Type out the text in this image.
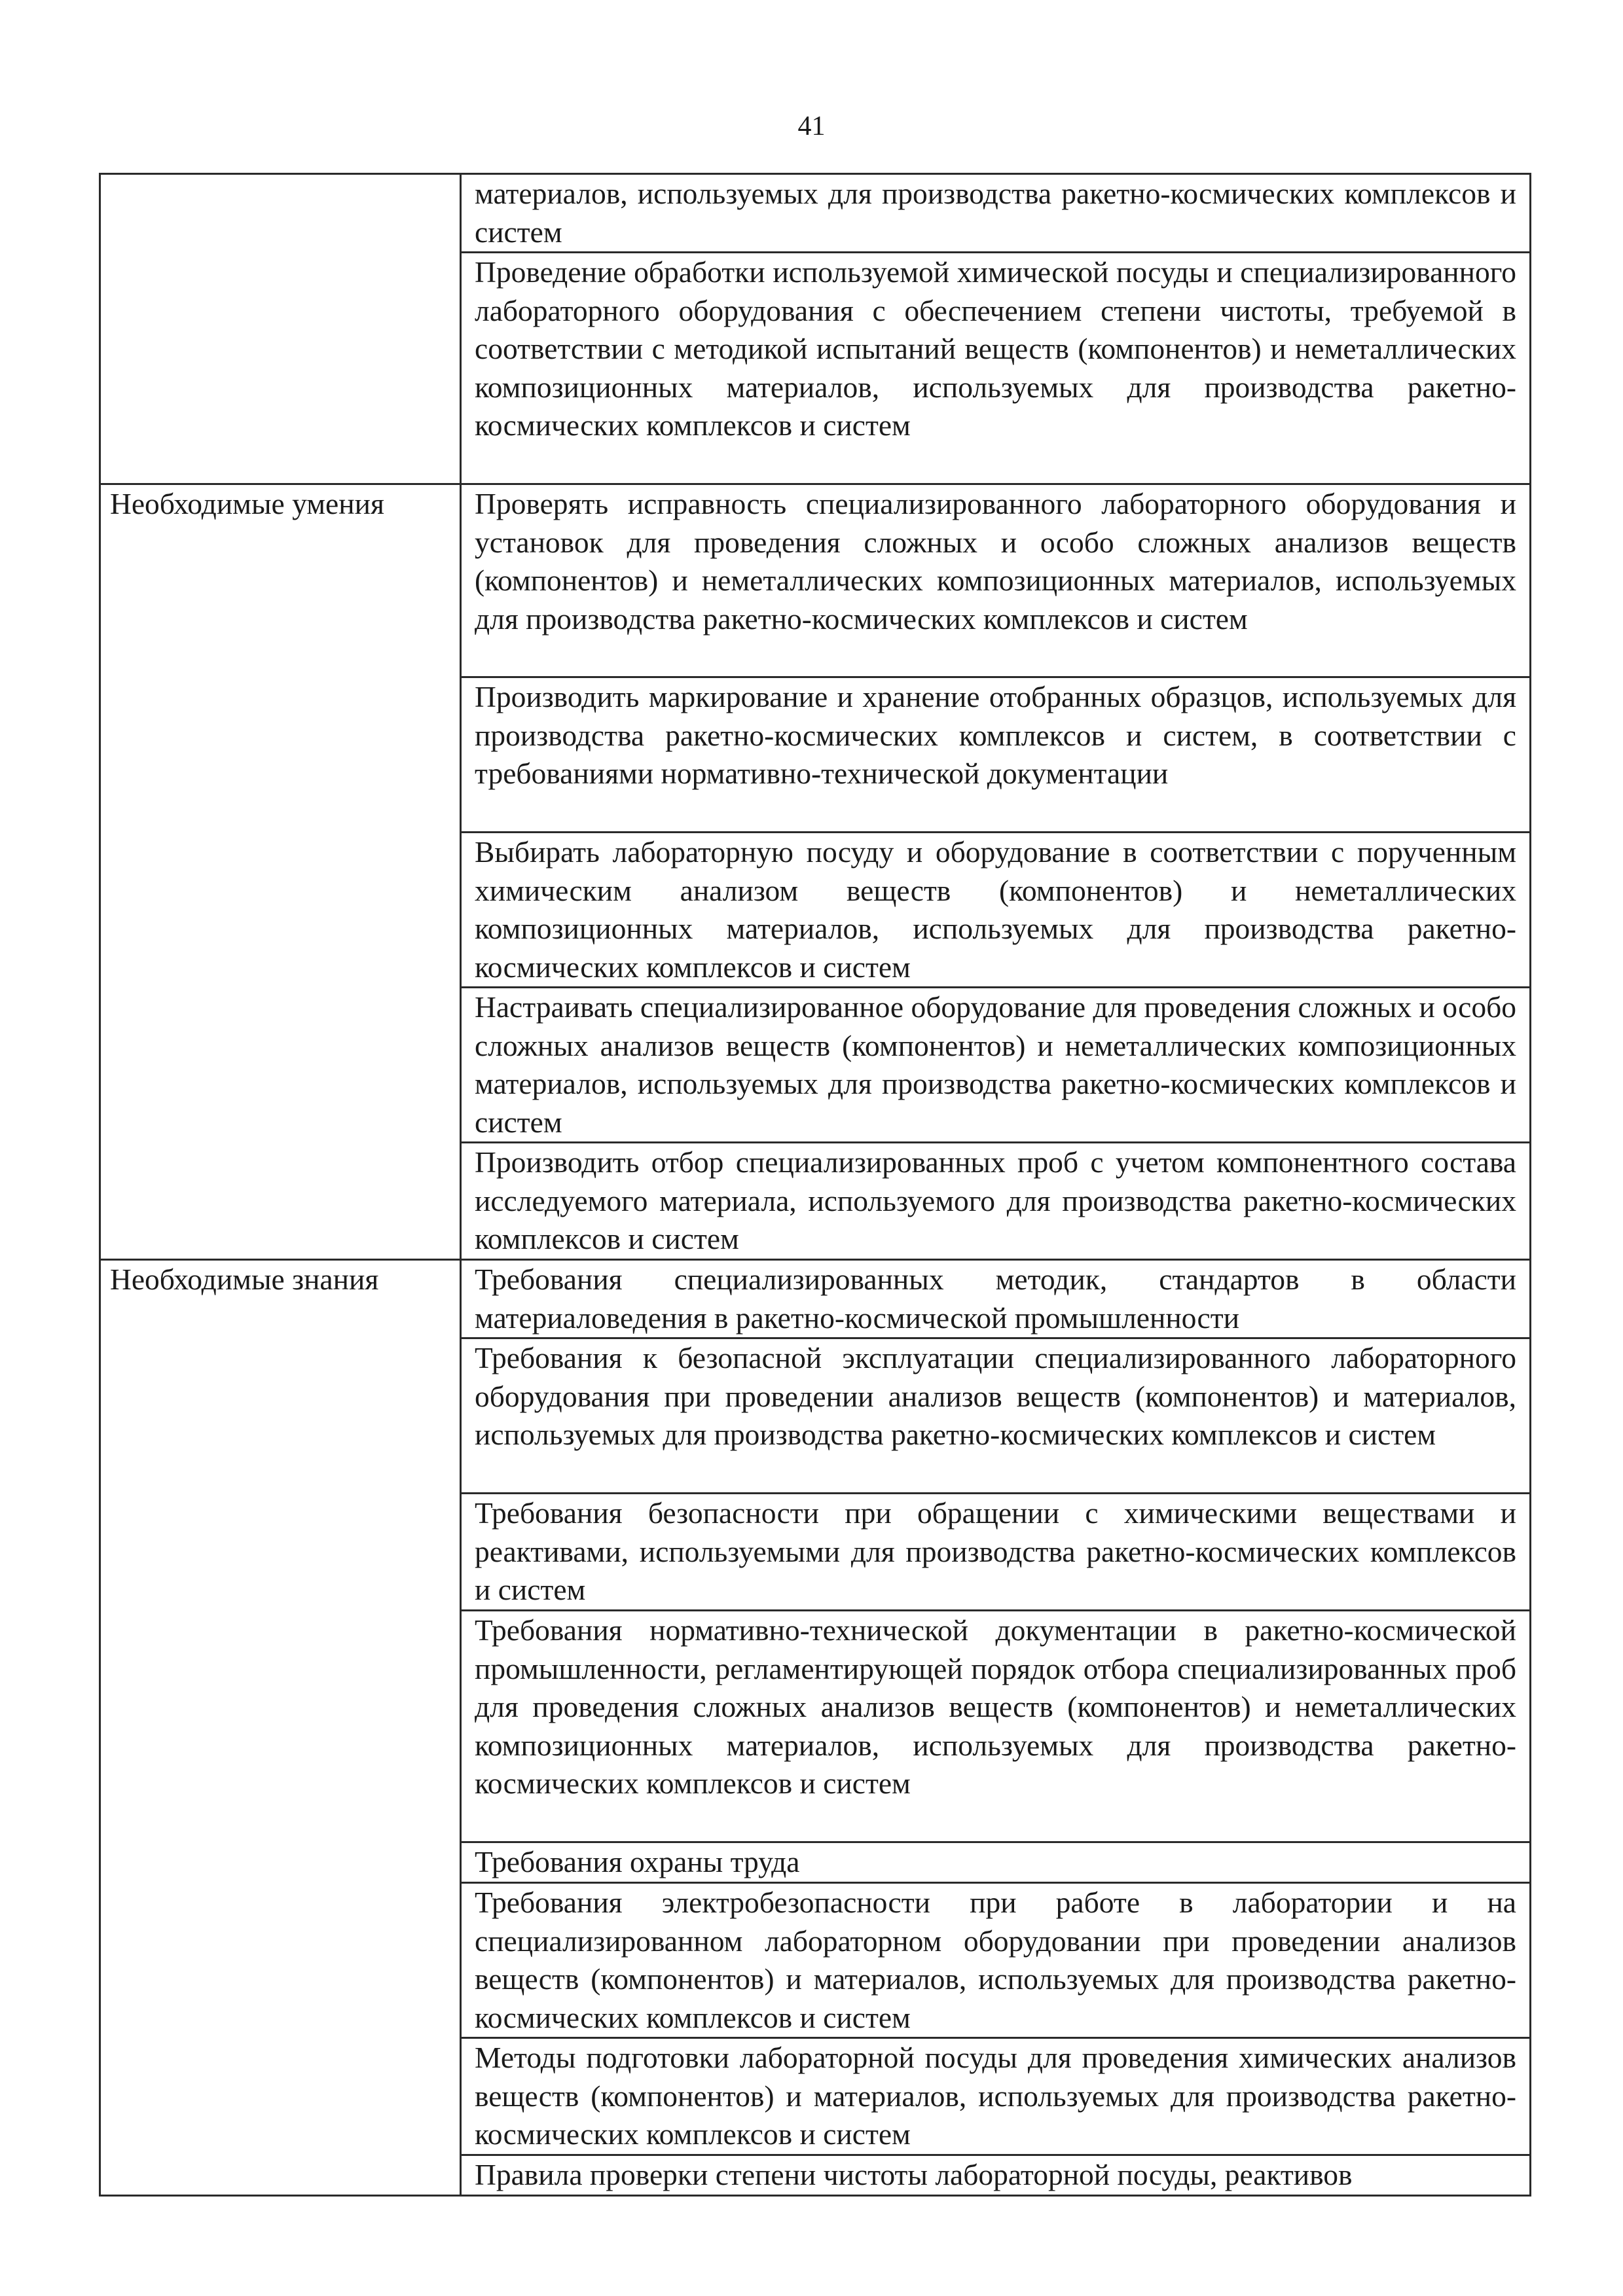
41
	материалов, используемых для производства ракетно-космических комплексов и систем
	Проведение обработки используемой химической посуды и специализированного лабораторного оборудования с обеспечением степени чистоты, требуемой в соответствии с методикой испытаний веществ (компонентов) и неметаллических композиционных материалов, используемых для производства ракетно-космических комплексов и систем
Необходимые умения	Проверять исправность специализированного лабораторного оборудования и установок для проведения сложных и особо сложных анализов веществ (компонентов) и неметаллических композиционных материалов, используемых для производства ракетно-космических комплексов и систем
	Производить маркирование и хранение отобранных образцов, используемых для производства ракетно-космических комплексов и систем, в соответствии с требованиями нормативно-технической документации
	Выбирать лабораторную посуду и оборудование в соответствии с порученным химическим анализом веществ (компонентов) и неметаллических композиционных материалов, используемых для производства ракетно-космических комплексов и систем
	Настраивать специализированное оборудование для проведения сложных и особо сложных анализов веществ (компонентов) и неметаллических композиционных материалов, используемых для производства ракетно-космических комплексов и систем
	Производить отбор специализированных проб с учетом компонентного состава исследуемого материала, используемого для производства ракетно-космических комплексов и систем
Необходимые знания	Требования специализированных методик, стандартов в области материаловедения в ракетно-космической промышленности
	Требования к безопасной эксплуатации специализированного лабораторного оборудования при проведении анализов веществ (компонентов) и материалов, используемых для производства ракетно-космических комплексов и систем
	Требования безопасности при обращении с химическими веществами и реактивами, используемыми для производства ракетно-космических комплексов и систем
	Требования нормативно-технической документации в ракетно-космической промышленности, регламентирующей порядок отбора специализированных проб для проведения сложных анализов веществ (компонентов) и неметаллических композиционных материалов, используемых для производства ракетно-космических комплексов и систем
	Требования охраны труда
	Требования электробезопасности при работе в лаборатории и на специализированном лабораторном оборудовании при проведении анализов веществ (компонентов) и материалов, используемых для производства ракетно-космических комплексов и систем
	Методы подготовки лабораторной посуды для проведения химических анализов веществ (компонентов) и материалов, используемых для производства ракетно-космических комплексов и систем
	Правила проверки степени чистоты лабораторной посуды, реактивов
